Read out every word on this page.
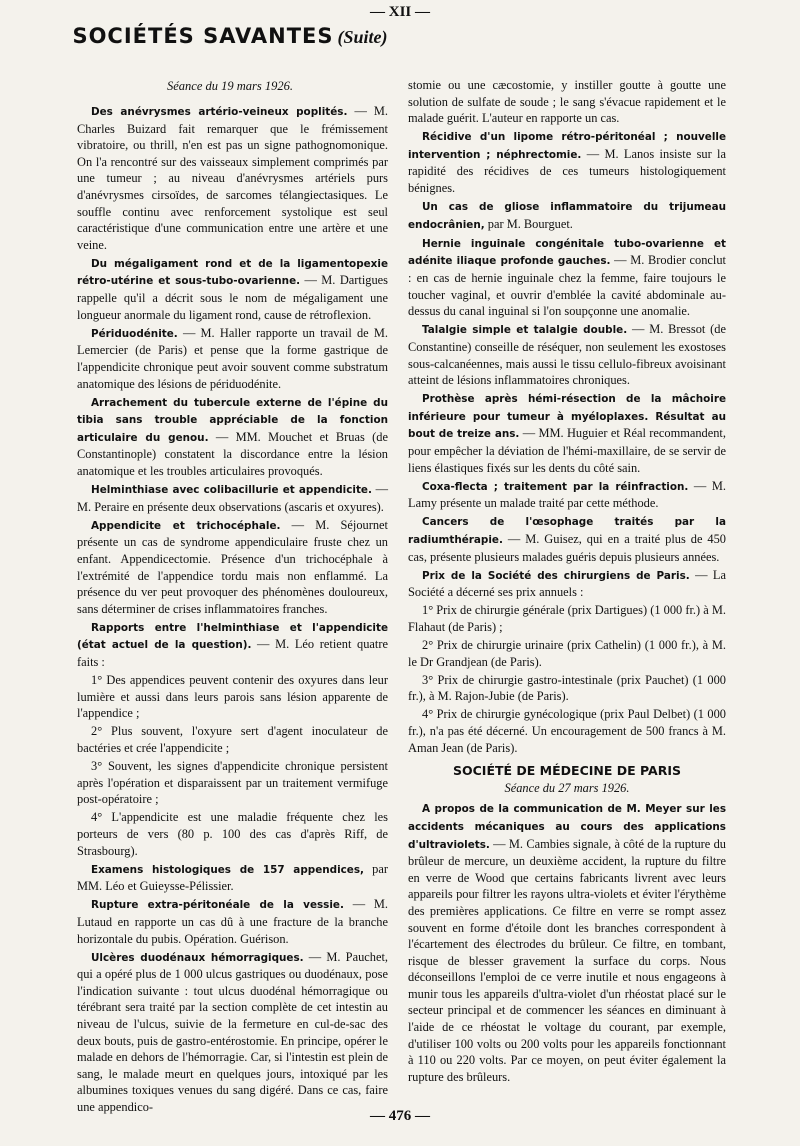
— XII —
SOCIÉTÉS SAVANTES (Suite)
Séance du 19 mars 1926.

Des anévrysmes artério-veineux poplités. — M. Charles Buizard fait remarquer que le frémissement vibratoire, ou thrill, n'en est pas un signe pathognomonique. On l'a rencontré sur des vaisseaux simplement comprimés par une tumeur ; au niveau d'anévrysmes artériels purs d'anévrysmes cirsoïdes, de sarcomes télangiectasiques. Le souffle continu avec renforcement systolique est seul caractéristique d'une communication entre une artère et une veine.

Du mégaligament rond et de la ligamentopexie rétro-utérine et sous-tubo-ovarienne. — M. Dartigues rappelle qu'il a décrit sous le nom de mégaligament une longueur anormale du ligament rond, cause de rétroflexion.

Périduodénite. — M. Haller rapporte un travail de M. Lemercier (de Paris) et pense que la forme gastrique de l'appendicite chronique peut avoir souvent comme substratum anatomique des lésions de périduodénite.

Arrachement du tubercule externe de l'épine du tibia sans trouble appréciable de la fonction articulaire du genou. — MM. Mouchet et Bruas (de Constantinople) constatent la discordance entre la lésion anatomique et les troubles articulaires provoqués.

Helminthiase avec colibacillurie et appendicite. — M. Peraire en présente deux observations (ascaris et oxyures).

Appendicite et trichocéphale. — M. Séjournet présente un cas de syndrome appendiculaire fruste chez un enfant. Appendicectomie. Présence d'un trichocéphale à l'extrémité de l'appendice tordu mais non enflammé. La présence du ver peut provoquer des phénomènes douloureux, sans déterminer de crises inflammatoires franches.

Rapports entre l'helminthiase et l'appendicite (état actuel de la question). — M. Léo retient quatre faits :

1° Des appendices peuvent contenir des oxyures dans leur lumière et aussi dans leurs parois sans lésion apparente de l'appendice ;

2° Plus souvent, l'oxyure sert d'agent inoculateur de bactéries et crée l'appendicite ;

3° Souvent, les signes d'appendicite chronique persistent après l'opération et disparaissent par un traitement vermifuge post-opératoire ;

4° L'appendicite est une maladie fréquente chez les porteurs de vers (80 p. 100 des cas d'après Riff, de Strasbourg).

Examens histologiques de 157 appendices, par MM. Léo et Guieysse-Pélissier.

Rupture extra-péritonéale de la vessie. — M. Lutaud en rapporte un cas dû à une fracture de la branche horizontale du pubis. Opération. Guérison.

Ulcères duodénaux hémorragiques. — M. Pauchet, qui a opéré plus de 1 000 ulcus gastriques ou duodénaux, pose l'indication suivante : tout ulcus duodénal hémorragique ou térébrant sera traité par la section complète de cet intestin au niveau de l'ulcus, suivie de la fermeture en cul-de-sac des deux bouts, puis de gastro-entérostomie. En principe, opérer le malade en dehors de l'hémorragie. Car, si l'intestin est plein de sang, le malade meurt en quelques jours, intoxiqué par les albumines toxiques venues du sang digéré. Dans ce cas, faire une appendico-

stomie ou une cæcostomie, y instiller goutte à goutte une solution de sulfate de soude ; le sang s'évacue rapidement et le malade guérit. L'auteur en rapporte un cas.

Récidive d'un lipome rétro-péritonéal ; nouvelle intervention ; néphrectomie. — M. Lanos insiste sur la rapidité des récidives de ces tumeurs histologiquement bénignes.

Un cas de gliose inflammatoire du trijumeau endocrânien, par M. Bourguet.

Hernie inguinale congénitale tubo-ovarienne et adénite iliaque profonde gauches. — M. Brodier conclut : en cas de hernie inguinale chez la femme, faire toujours le toucher vaginal, et ouvrir d'emblée la cavité abdominale au-dessus du canal inguinal si l'on soupçonne une anomalie.

Talalgie simple et talalgie double. — M. Bressot (de Constantine) conseille de réséquer, non seulement les exostoses sous-calcanéennes, mais aussi le tissu cellulo-fibreux avoisinant atteint de lésions inflammatoires chroniques.

Prothèse après hémi-résection de la mâchoire inférieure pour tumeur à myéloplaxes. Résultat au bout de treize ans. — MM. Huguier et Réal recommandent, pour empêcher la déviation de l'hémi-maxillaire, de se servir de liens élastiques fixés sur les dents du côté sain.

Coxa-flecta ; traitement par la réinfraction. — M. Lamy présente un malade traité par cette méthode.

Cancers de l'œsophage traités par la radiumthérapie. — M. Guisez, qui en a traité plus de 450 cas, présente plusieurs malades guéris depuis plusieurs années.

Prix de la Société des chirurgiens de Paris. — La Société a décerné ses prix annuels :

1° Prix de chirurgie générale (prix Dartigues) (1 000 fr.) à M. Flahaut (de Paris) ;

2° Prix de chirurgie urinaire (prix Cathelin) (1 000 fr.), à M. le Dr Grandjean (de Paris).

3° Prix de chirurgie gastro-intestinale (prix Pauchet) (1 000 fr.), à M. Rajon-Jubie (de Paris).

4° Prix de chirurgie gynécologique (prix Paul Delbet) (1 000 fr.), n'a pas été décerné. Un encouragement de 500 francs à M. Aman Jean (de Paris).

SOCIÉTÉ DE MÉDECINE DE PARIS
Séance du 27 mars 1926.

A propos de la communication de M. Meyer sur les accidents mécaniques au cours des applications d'ultraviolets. — M. Cambies signale, à côté de la rupture du brûleur de mercure, un deuxième accident, la rupture du filtre en verre de Wood que certains fabricants livrent avec leurs appareils pour filtrer les rayons ultra-violets et éviter l'érythème des premières applications. Ce filtre en verre se rompt assez souvent en forme d'étoile dont les branches correspondent à l'écartement des électrodes du brûleur. Ce filtre, en tombant, risque de blesser gravement la surface du corps. Nous déconseillons l'emploi de ce verre inutile et nous engageons à munir tous les appareils d'ultra-violet d'un rhéostat placé sur le secteur principal et de commencer les séances en diminuant à l'aide de ce rhéostat le voltage du courant, par exemple, d'utiliser 100 volts ou 200 volts pour les appareils fonctionnant à 110 ou 220 volts. Par ce moyen, on peut éviter également la rupture des brûleurs.

— 476 —
